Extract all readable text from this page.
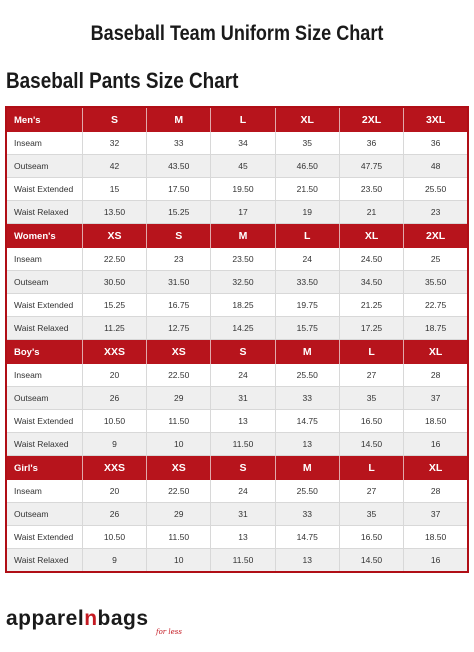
Baseball Team Uniform Size Chart
Baseball Pants Size Chart
Men's	S	M	L	XL	2XL	3XL
Inseam	32	33	34	35	36	36
Outseam	42	43.50	45	46.50	47.75	48
Waist Extended	15	17.50	19.50	21.50	23.50	25.50
Waist Relaxed	13.50	15.25	17	19	21	23
Women's	XS	S	M	L	XL	2XL
Inseam	22.50	23	23.50	24	24.50	25
Outseam	30.50	31.50	32.50	33.50	34.50	35.50
Waist Extended	15.25	16.75	18.25	19.75	21.25	22.75
Waist Relaxed	11.25	12.75	14.25	15.75	17.25	18.75
Boy's	XXS	XS	S	M	L	XL
Inseam	20	22.50	24	25.50	27	28
Outseam	26	29	31	33	35	37
Waist Extended	10.50	11.50	13	14.75	16.50	18.50
Waist Relaxed	9	10	11.50	13	14.50	16
Girl's	XXS	XS	S	M	L	XL
Inseam	20	22.50	24	25.50	27	28
Outseam	26	29	31	33	35	37
Waist Extended	10.50	11.50	13	14.75	16.50	18.50
Waist Relaxed	9	10	11.50	13	14.50	16
apparelnbags
for less
